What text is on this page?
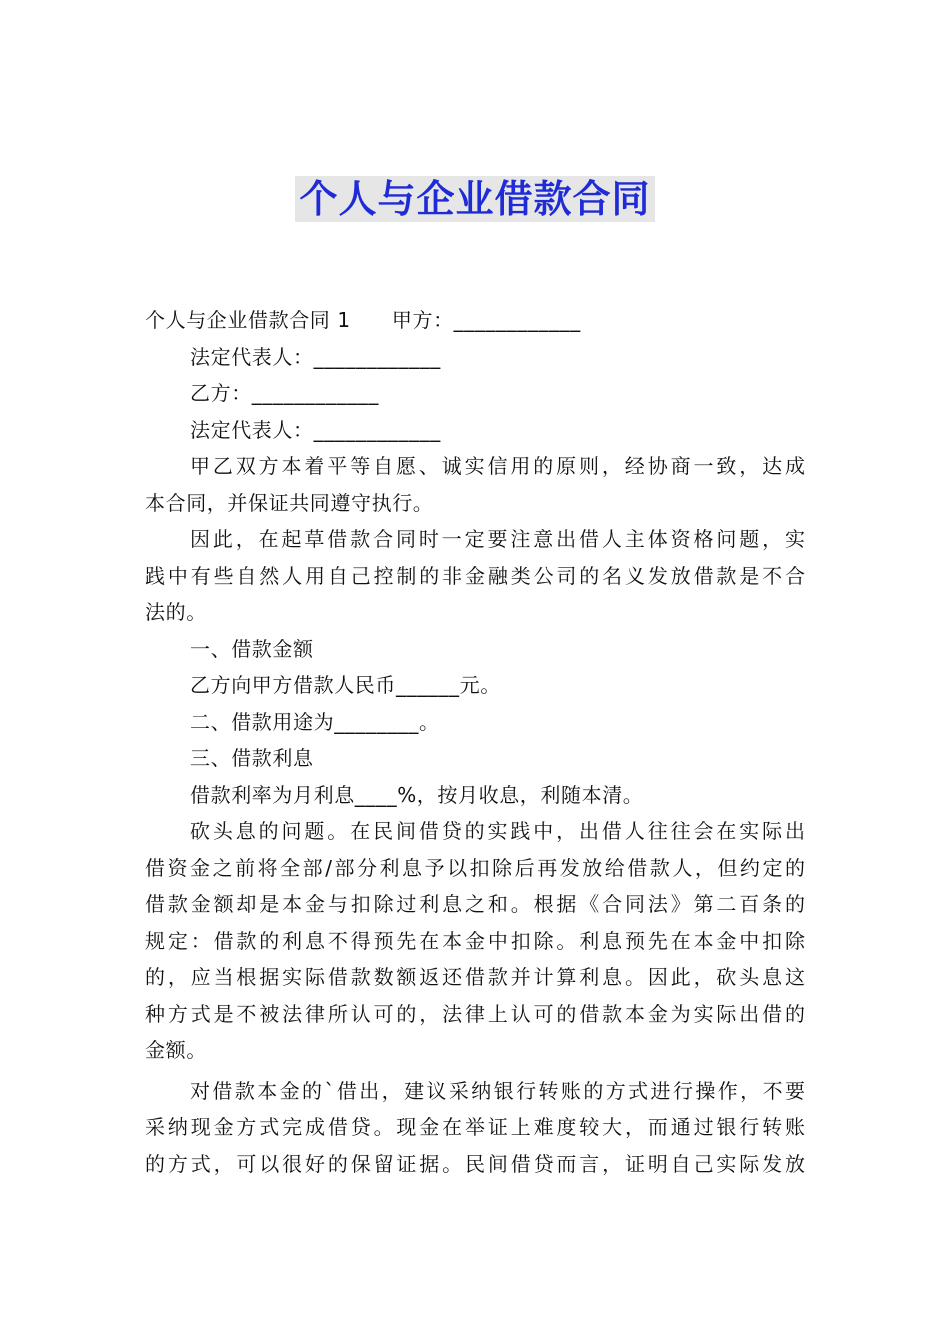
个人与企业借款合同
个人与企业借款合同 1　　甲方：____________
法定代表人：____________
乙方：____________
法定代表人：____________
甲乙双方本着平等自愿、诚实信用的原则，经协商一致，达成
本合同，并保证共同遵守执行。
因此，在起草借款合同时一定要注意出借人主体资格问题，实
践中有些自然人用自己控制的非金融类公司的名义发放借款是不合
法的。
一、借款金额
乙方向甲方借款人民币______元。
二、借款用途为________。
三、借款利息
借款利率为月利息____%，按月收息，利随本清。
砍头息的问题。在民间借贷的实践中，出借人往往会在实际出
借资金之前将全部/部分利息予以扣除后再发放给借款人，但约定的
借款金额却是本金与扣除过利息之和。根据《合同法》第二百条的
规定：借款的利息不得预先在本金中扣除。利息预先在本金中扣除
的，应当根据实际借款数额返还借款并计算利息。因此，砍头息这
种方式是不被法律所认可的，法律上认可的借款本金为实际出借的
金额。
对借款本金的`借出，建议采纳银行转账的方式进行操作，不要
采纳现金方式完成借贷。现金在举证上难度较大，而通过银行转账
的方式，可以很好的保留证据。民间借贷而言，证明自己实际发放
